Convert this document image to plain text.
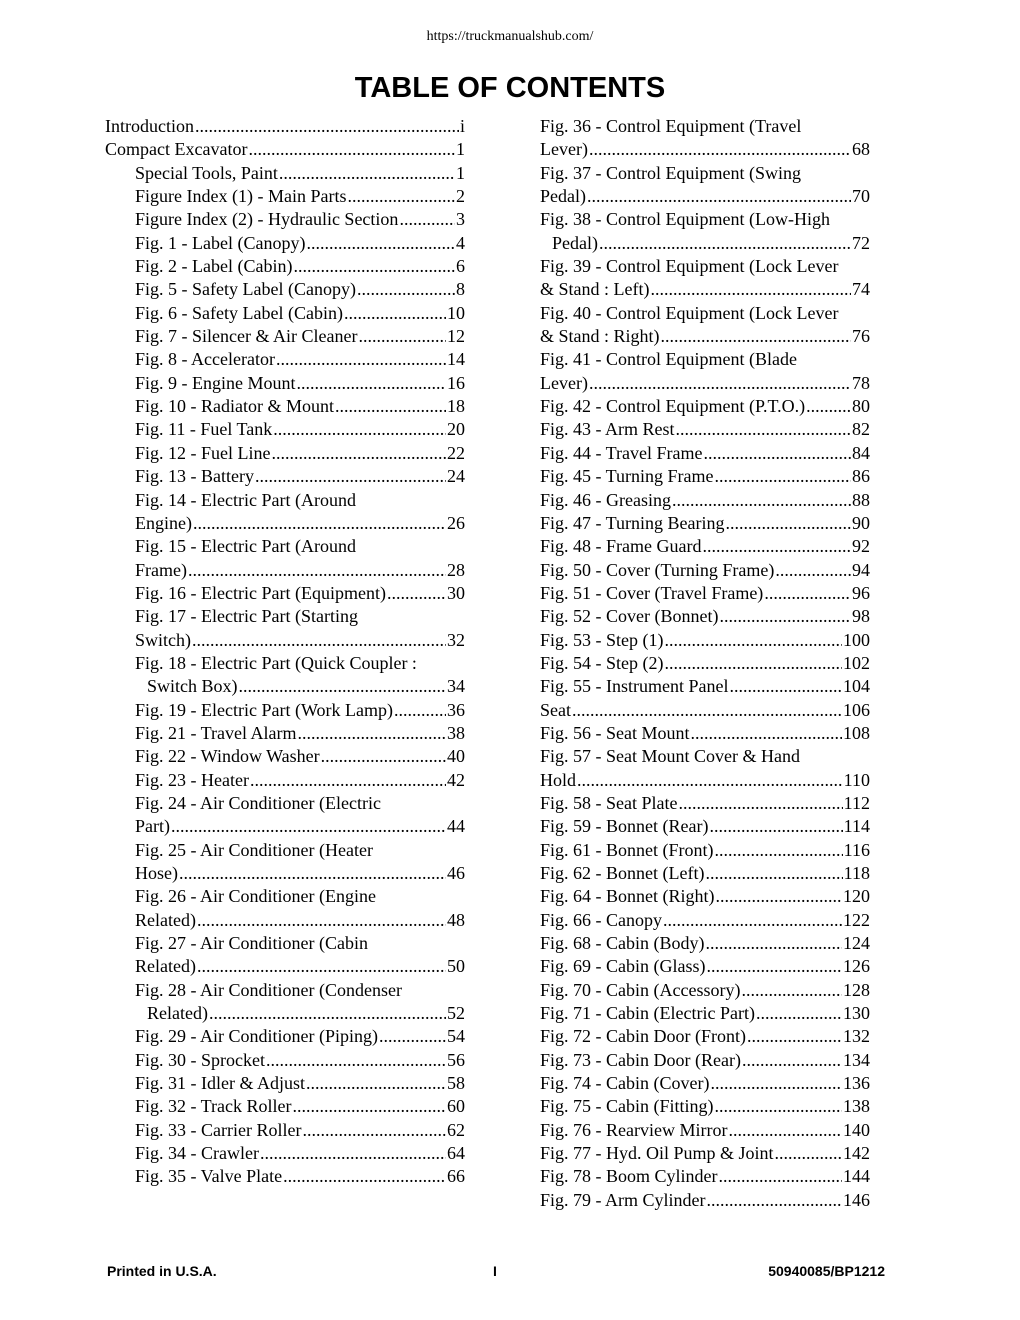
https://truckmanualshub.com/
TABLE OF CONTENTS
Introduction .....	i
Compact Excavator .....	1
Special Tools, Paint .....	1
Figure Index (1) - Main Parts .....	2
Figure Index (2) - Hydraulic Section .....	3
Fig. 1 - Label (Canopy) .....	4
Fig. 2 - Label (Cabin) .....	6
Fig. 5 - Safety Label (Canopy) .....	8
Fig. 6 - Safety Label (Cabin) .....	10
Fig. 7 - Silencer & Air Cleaner .....	12
Fig. 8 - Accelerator .....	14
Fig. 9 - Engine Mount .....	16
Fig. 10 - Radiator & Mount .....	18
Fig. 11 - Fuel Tank .....	20
Fig. 12 - Fuel Line .....	22
Fig. 13 - Battery .....	24
Fig. 14 - Electric Part (Around
Engine) .....	26
Fig. 15 - Electric Part (Around
Frame) .....	28
Fig. 16 - Electric Part (Equipment) .....	30
Fig. 17 - Electric Part (Starting
Switch) .....	32
Fig. 18 - Electric Part (Quick Coupler :
Switch Box) .....	34
Fig. 19 - Electric Part (Work Lamp) .....	36
Fig. 21 - Travel Alarm .....	38
Fig. 22 - Window Washer .....	40
Fig. 23 - Heater .....	42
Fig. 24 - Air Conditioner (Electric
Part) .....	44
Fig. 25 - Air Conditioner (Heater
Hose) .....	46
Fig. 26 - Air Conditioner (Engine
Related) .....	48
Fig. 27 - Air Conditioner (Cabin
Related) .....	50
Fig. 28 - Air Conditioner (Condenser
Related) .....	52
Fig. 29 - Air Conditioner (Piping) .....	54
Fig. 30 - Sprocket .....	56
Fig. 31 - Idler & Adjust .....	58
Fig. 32 - Track Roller .....	60
Fig. 33 - Carrier Roller .....	62
Fig. 34 - Crawler .....	64
Fig. 35 - Valve Plate .....	66
Fig. 36 - Control Equipment (Travel
Lever) .....	68
Fig. 37 - Control Equipment (Swing
Pedal) .....	70
Fig. 38 - Control Equipment (Low-High
Pedal) .....	72
Fig. 39 - Control Equipment (Lock Lever
& Stand : Left) .....	74
Fig. 40 - Control Equipment (Lock Lever
& Stand : Right) .....	76
Fig. 41 - Control Equipment (Blade
Lever) .....	78
Fig. 42 - Control Equipment (P.T.O.) .....	80
Fig. 43 - Arm Rest .....	82
Fig. 44 - Travel Frame .....	84
Fig. 45 - Turning Frame .....	86
Fig. 46 - Greasing .....	88
Fig. 47 - Turning Bearing .....	90
Fig. 48 - Frame Guard .....	92
Fig. 50 - Cover (Turning Frame) .....	94
Fig. 51 - Cover (Travel Frame) .....	96
Fig. 52 - Cover (Bonnet) .....	98
Fig. 53 - Step (1) .....	100
Fig. 54 - Step (2) .....	102
Fig. 55 - Instrument Panel .....	104
Seat .....	106
Fig. 56 - Seat Mount .....	108
Fig. 57 - Seat Mount Cover & Hand
Hold .....	110
Fig. 58 - Seat Plate .....	112
Fig. 59 - Bonnet (Rear) .....	114
Fig. 61 - Bonnet (Front) .....	116
Fig. 62 - Bonnet (Left) .....	118
Fig. 64 - Bonnet (Right) .....	120
Fig. 66 - Canopy .....	122
Fig. 68 - Cabin (Body) .....	124
Fig. 69 - Cabin (Glass) .....	126
Fig. 70 - Cabin (Accessory) .....	128
Fig. 71 - Cabin (Electric Part) .....	130
Fig. 72 - Cabin Door (Front) .....	132
Fig. 73 - Cabin Door (Rear) .....	134
Fig. 74 - Cabin (Cover) .....	136
Fig. 75 - Cabin (Fitting) .....	138
Fig. 76 - Rearview Mirror .....	140
Fig. 77 - Hyd. Oil Pump & Joint .....	142
Fig. 78 - Boom Cylinder .....	144
Fig. 79 - Arm Cylinder .....	146
Printed in U.S.A.	I	50940085/BP1212
